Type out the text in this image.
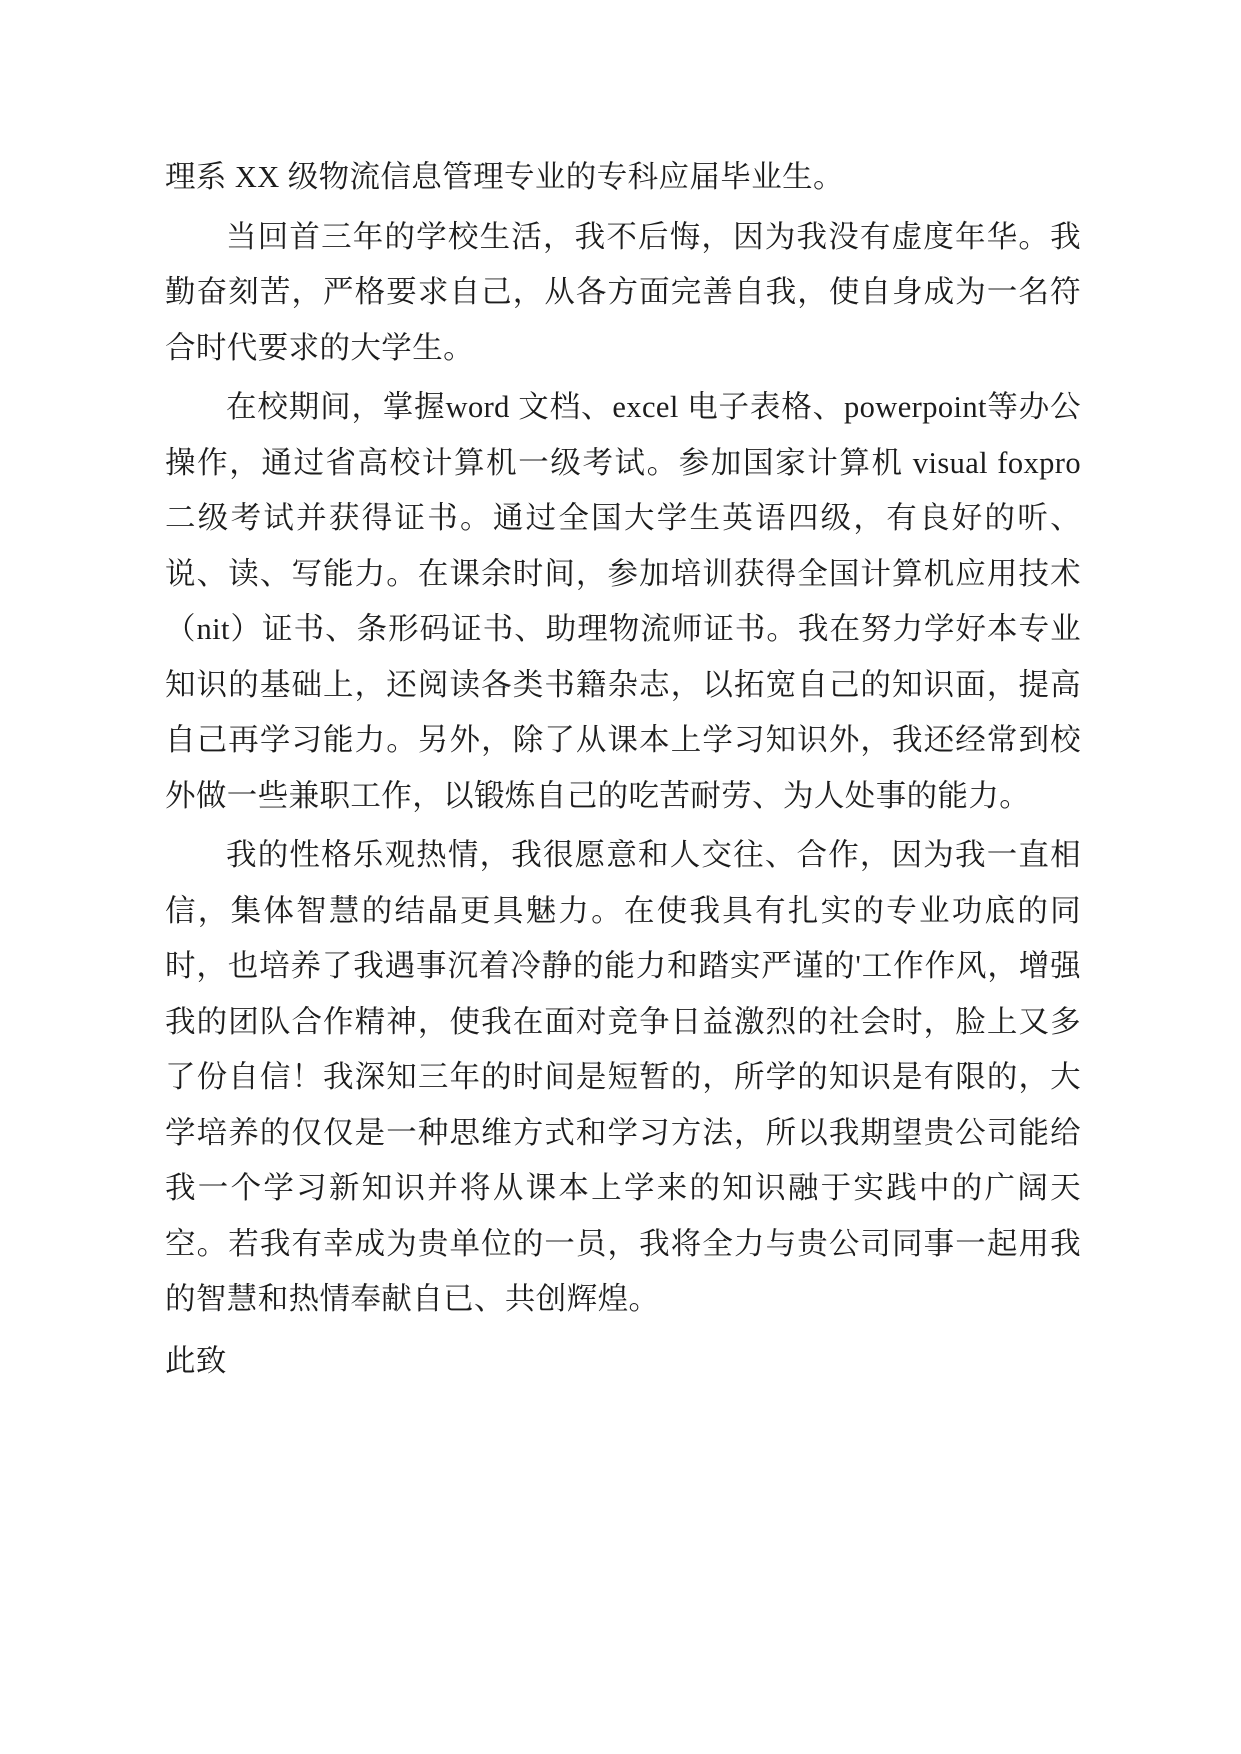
理系 XX 级物流信息管理专业的专科应届毕业生。

当回首三年的学校生活，我不后悔，因为我没有虚度年华。我勤奋刻苦，严格要求自己，从各方面完善自我，使自身成为一名符合时代要求的大学生。

在校期间，掌握word 文档、excel 电子表格、powerpoint等办公操作，通过省高校计算机一级考试。参加国家计算机 visual foxpro 二级考试并获得证书。通过全国大学生英语四级，有良好的听、说、读、写能力。在课余时间，参加培训获得全国计算机应用技术（nit）证书、条形码证书、助理物流师证书。我在努力学好本专业知识的基础上，还阅读各类书籍杂志，以拓宽自己的知识面，提高自己再学习能力。另外，除了从课本上学习知识外，我还经常到校外做一些兼职工作，以锻炼自己的吃苦耐劳、为人处事的能力。

我的性格乐观热情，我很愿意和人交往、合作，因为我一直相信，集体智慧的结晶更具魅力。在使我具有扎实的专业功底的同时，也培养了我遇事沉着冷静的能力和踏实严谨的'工作作风，增强我的团队合作精神，使我在面对竞争日益激烈的社会时，脸上又多了份自信！我深知三年的时间是短暂的，所学的知识是有限的，大学培养的仅仅是一种思维方式和学习方法，所以我期望贵公司能给我一个学习新知识并将从课本上学来的知识融于实践中的广阔天空。若我有幸成为贵单位的一员，我将全力与贵公司同事一起用我的智慧和热情奉献自已、共创辉煌。

此致
